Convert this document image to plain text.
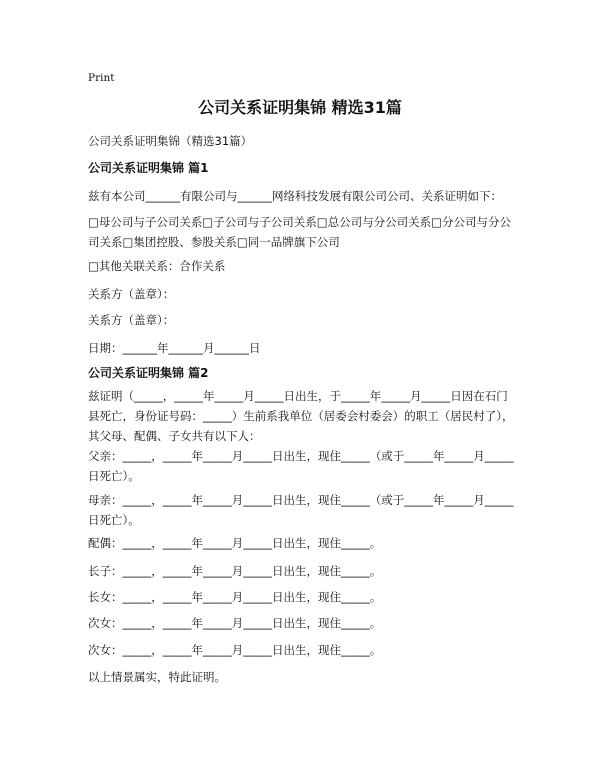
Print

公司关系证明集锦 精选31篇

公司关系证明集锦（精选31篇）

公司关系证明集锦 篇1

兹有本公司______有限公司与______网络科技发展有限公司公司、关系证明如下：

□母公司与子公司关系□子公司与子公司关系□总公司与分公司关系□分公司与分公司关系□集团控股、参股关系□同一品牌旗下公司

□其他关联关系：合作关系

关系方（盖章）：

关系方（盖章）：

日期：______年______月______日

公司关系证明集锦 篇2

兹证明（_____，_____年_____月_____日出生，于_____年_____月_____日因在石门县死亡，身份证号码：_____）生前系我单位（居委会村委会）的职工（居民村了），其父母、配偶、子女共有以下人：

父亲：_____，_____年_____月_____日出生，现住_____（或于_____年_____月_____日死亡）。

母亲：_____，_____年_____月_____日出生，现住_____（或于_____年_____月_____日死亡）。

配偶：_____，_____年_____月_____日出生，现住_____。

长子：_____，_____年_____月_____日出生，现住_____。

长女：_____，_____年_____月_____日出生，现住_____。

次女：_____，_____年_____月_____日出生，现住_____。

次女：_____，_____年_____月_____日出生，现住_____。

以上情景属实，特此证明。
